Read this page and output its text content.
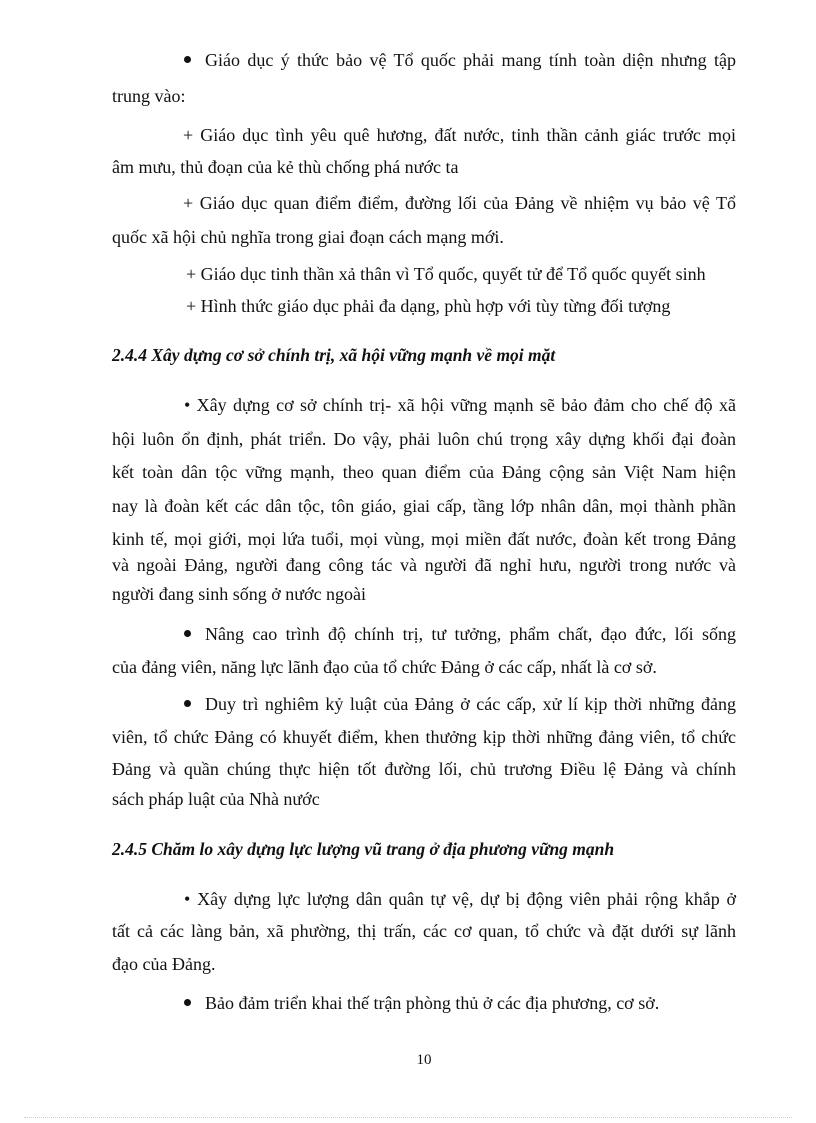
Giáo dục ý thức bảo vệ Tổ quốc phải mang tính toàn diện nhưng tập
trung vào:
+ Giáo dục tình yêu quê hương, đất nước, tinh thần cảnh giác trước mọi
âm mưu, thủ đoạn của kẻ thù chống phá nước ta
+ Giáo dục quan điểm điểm, đường lối của Đảng về nhiệm vụ bảo vệ Tổ
quốc xã hội chủ nghĩa trong giai đoạn cách mạng mới.
+ Giáo dục tinh thần xả thân vì Tổ quốc, quyết tử để Tổ quốc quyết sinh
+ Hình thức giáo dục phải đa dạng, phù hợp với tùy từng đối tượng
2.4.4 Xây dựng cơ sở chính trị, xã hội vững mạnh về mọi mặt
• Xây dựng cơ sở chính trị- xã hội vững mạnh sẽ bảo đảm cho chế độ xã
hội luôn ổn định, phát triển. Do vậy, phải luôn chú trọng xây dựng khối đại đoàn
kết toàn dân tộc vững mạnh, theo quan điểm của Đảng cộng sản Việt Nam hiện
nay là đoàn kết các dân tộc, tôn giáo, giai cấp, tầng lớp nhân dân, mọi thành phần
kinh tế, mọi giới, mọi lứa tuổi, mọi vùng, mọi miền đất nước, đoàn kết trong Đảng
và ngoài Đảng, người đang công tác và người đã nghỉ hưu, người trong nước và
người đang sinh sống ở nước ngoài
Nâng cao trình độ chính trị, tư tưởng, phẩm chất, đạo đức, lối sống
của đảng viên, năng lực lãnh đạo của tổ chức Đảng ở các cấp, nhất là cơ sở.
Duy trì nghiêm kỷ luật của Đảng ở các cấp, xử lí kịp thời những đảng
viên, tổ chức Đảng có khuyết điểm, khen thưởng kịp thời những đảng viên, tổ chức
Đảng và quần chúng thực hiện tốt đường lối, chủ trương Điều lệ Đảng và chính
sách pháp luật của Nhà nước
2.4.5 Chăm lo xây dựng lực lượng vũ trang ở địa phương vững mạnh
• Xây dựng lực lượng dân quân tự vệ, dự bị động viên phải rộng khắp ở
tất cả các làng bản, xã phường, thị trấn, các cơ quan, tổ chức và đặt dưới sự lãnh
đạo của Đảng.
Bảo đảm triển khai thế trận phòng thủ ở các địa phương, cơ sở.
10
